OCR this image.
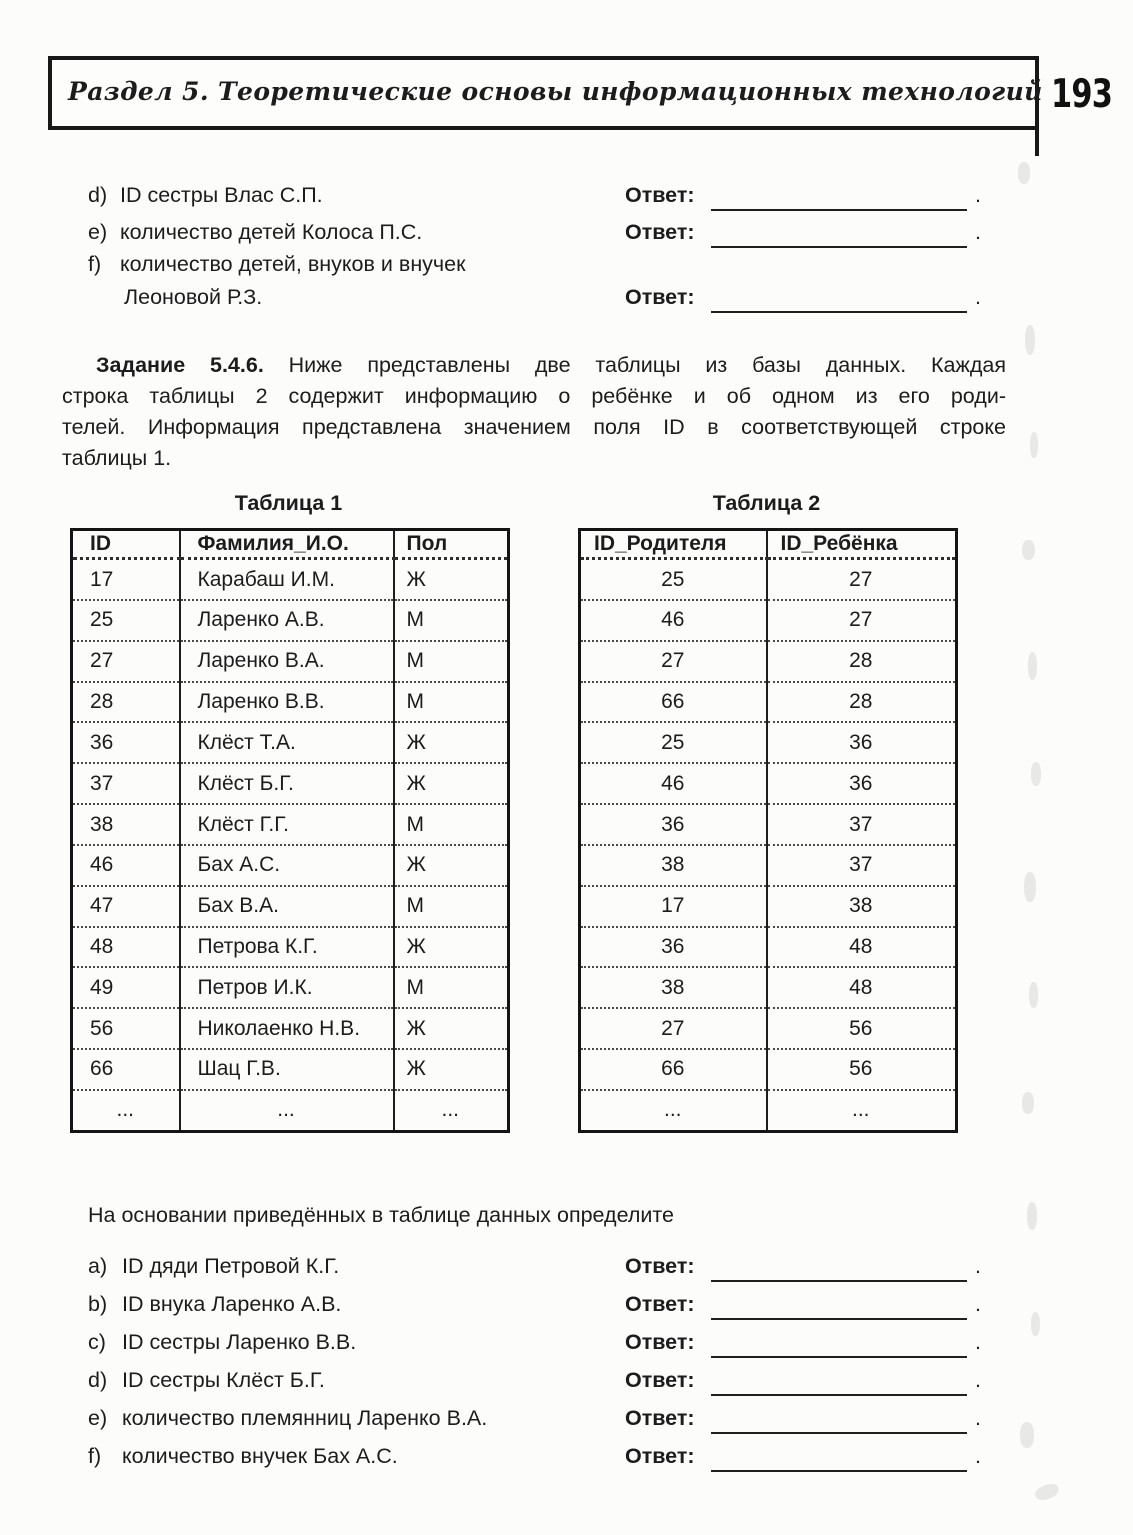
Раздел 5. Теоретические основы информационных технологий 193
d) ID сестры Влас С.П.	Ответ:	.
e) количество детей Колоса П.С.	Ответ:	.
f) количество детей, внуков и внучек
Леоновой Р.З.	Ответ:	.
Задание 5.4.6. Ниже представлены две таблицы из базы данных. Каждая
строка таблицы 2 содержит информацию о ребёнке и об одном из его роди-
телей. Информация представлена значением поля ID в соответствующей строке
таблицы 1.
Таблица 1	Таблица 2
ID	Фамилия_И.О.	Пол
17	Карабаш И.М.	Ж
25	Ларенко А.В.	М
27	Ларенко В.А.	М
28	Ларенко В.В.	М
36	Клёст Т.А.	Ж
37	Клёст Б.Г.	Ж
38	Клёст Г.Г.	М
46	Бах А.С.	Ж
47	Бах В.А.	М
48	Петрова К.Г.	Ж
49	Петров И.К.	М
56	Николаенко Н.В.	Ж
66	Шац Г.В.	Ж
...	...	...
ID_Родителя	ID_Ребёнка
25	27
46	27
27	28
66	28
25	36
46	36
36	37
38	37
17	38
36	48
38	48
27	56
66	56
...	...
На основании приведённых в таблице данных определите
a) ID дяди Петровой К.Г.	Ответ:	.
b) ID внука Ларенко А.В.	Ответ:	.
c) ID сестры Ларенко В.В.	Ответ:	.
d) ID сестры Клёст Б.Г.	Ответ:	.
e) количество племянниц Ларенко В.А.	Ответ:	.
f) количество внучек Бах А.С.	Ответ:	.
